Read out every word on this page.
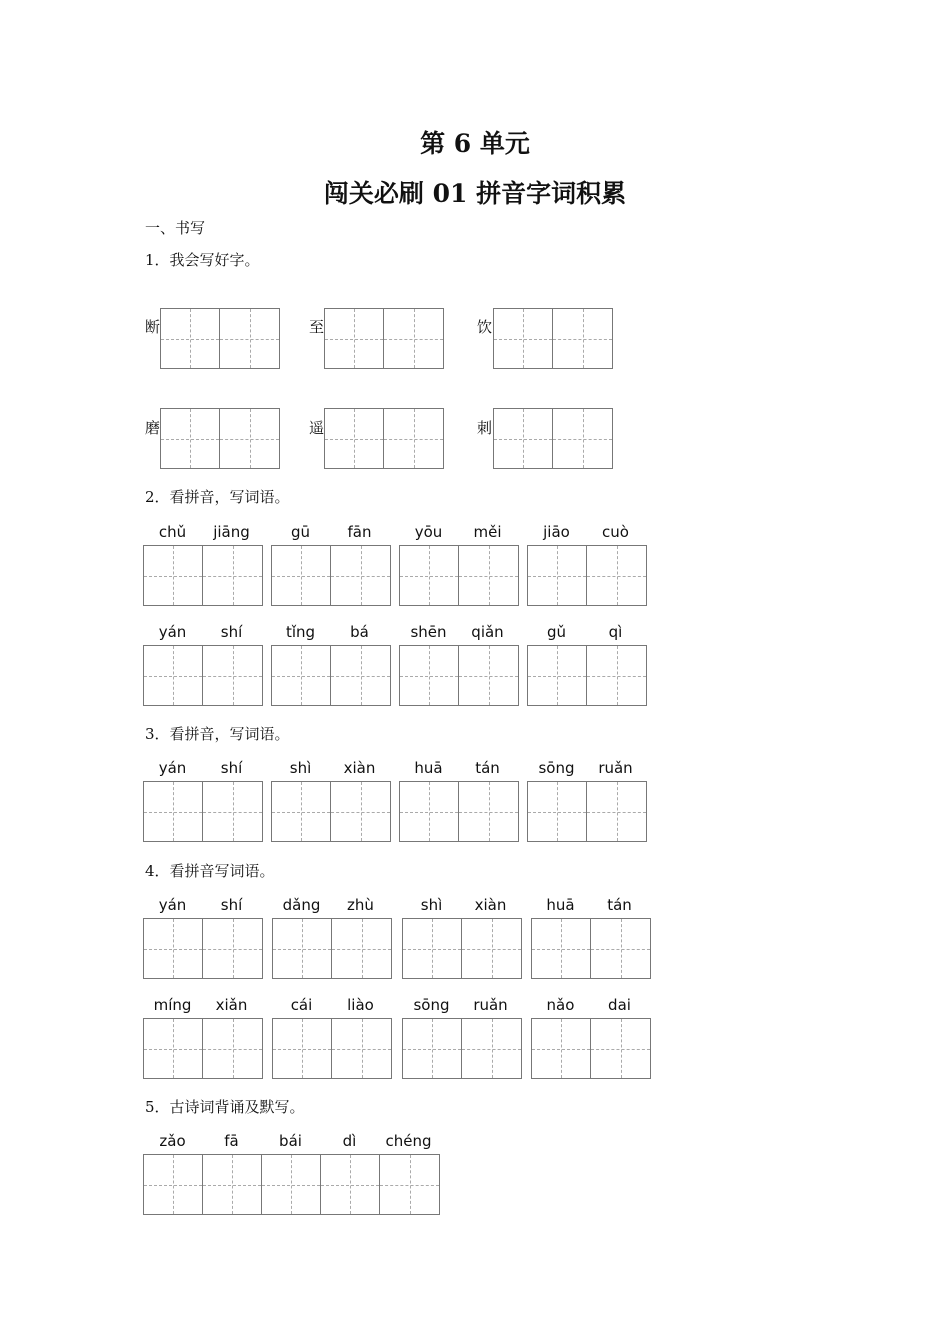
第 6 单元
闯关必刷 01 拼音字词积累
一、书写
1．我会写好字。
断	至	饮
磨	遥	刺
2．看拼音，写词语。
chǔ	jiāng	gū	fān	yōu	měi	jiāo	cuò
yán	shí	tǐng	bá	shēn	qiǎn	gǔ	qì
3．看拼音，写词语。
yán	shí	shì	xiàn	huā	tán	sōng	ruǎn
4．看拼音写词语。
yán	shí	dǎng	zhù	shì	xiàn	huā	tán
míng	xiǎn	cái	liào	sōng	ruǎn	nǎo	dai
5．古诗词背诵及默写。
zǎo	fā	bái	dì	chéng
